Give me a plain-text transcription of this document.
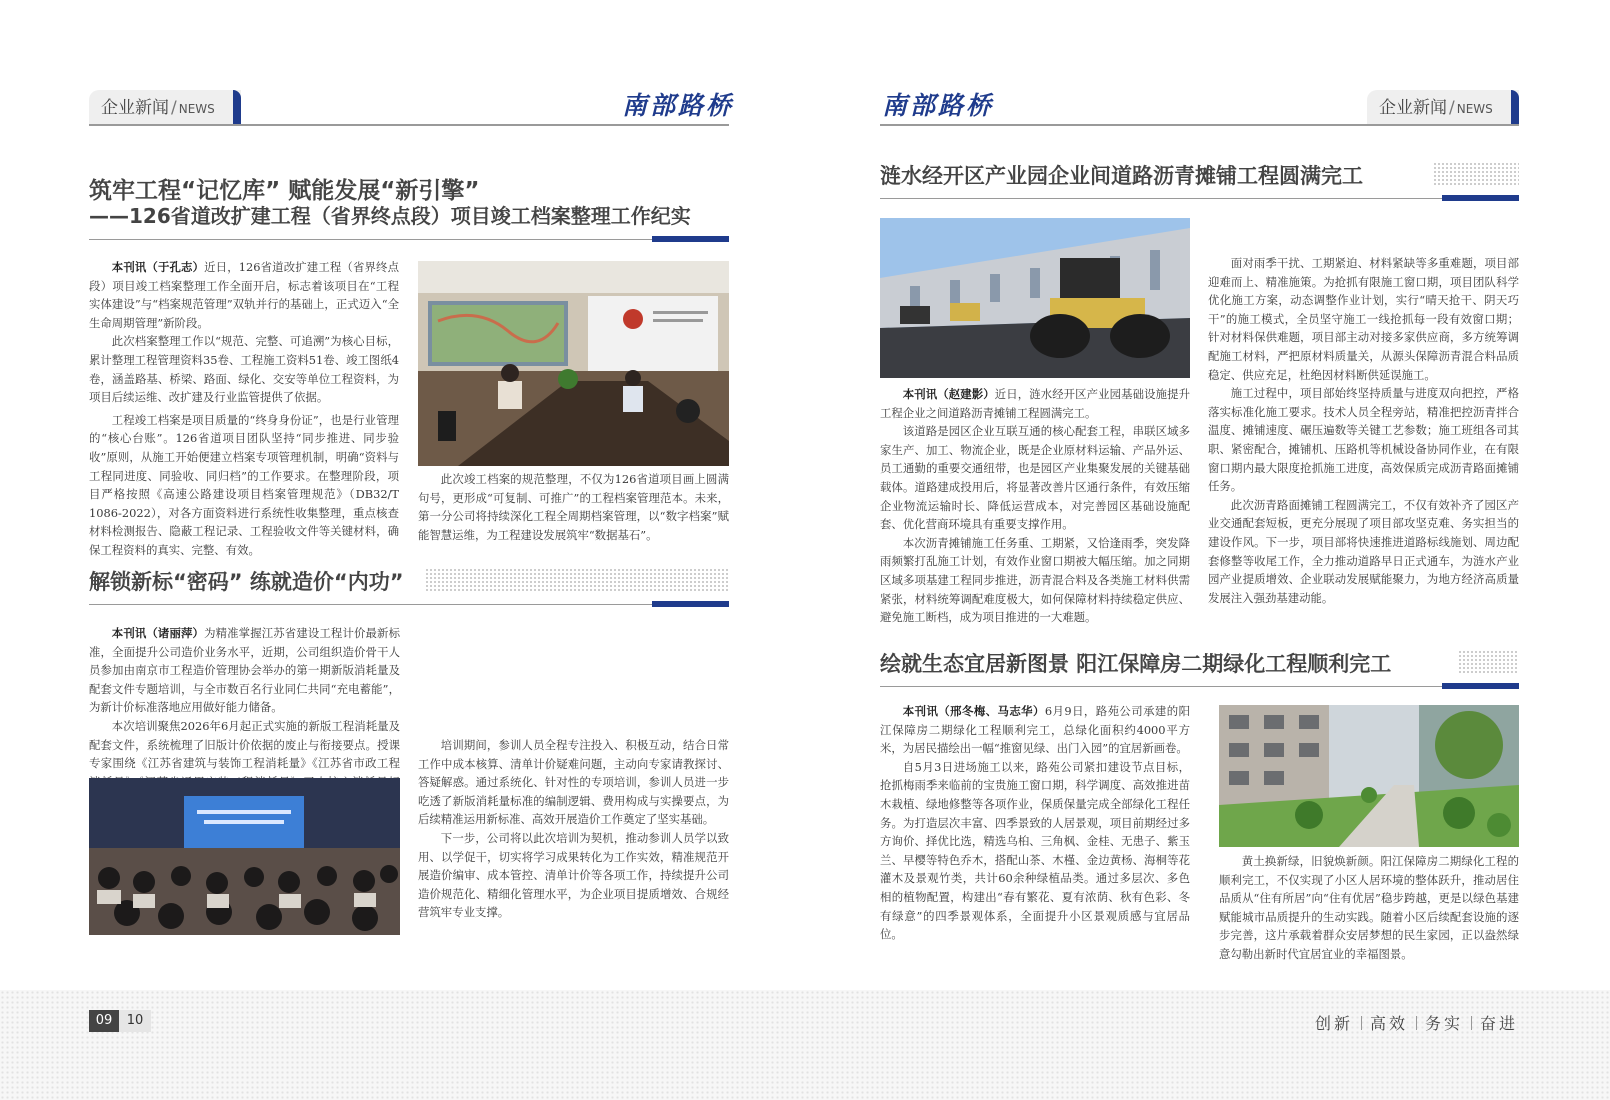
企业新闻 / NEWS	南部路桥
筑牢工程“记忆库” 赋能发展“新引擎”
——126省道改扩建工程（省界终点段）项目竣工档案整理工作纪实

本刊讯（于孔志）近日，126省道改扩建工程（省界终点段）项目竣工档案整理工作全面开启，标志着该项目在“工程实体建设”与“档案规范管理”双轨并行的基础上，正式迈入“全生命周期管理”新阶段。

此次档案整理工作以“规范、完整、可追溯”为核心目标，累计整理工程管理资料35卷、工程施工资料51卷、竣工图纸4卷，涵盖路基、桥梁、路面、绿化、交安等单位工程资料，为项目后续运维、改扩建及行业监管提供了依据。

工程竣工档案是项目质量的“终身身份证”，也是行业管理的“核心台账”。126省道项目团队坚持“同步推进、同步验收”原则，从施工开始便建立档案专项管理机制，明确“资料与工程同进度、同验收、同归档”的工作要求。在整理阶段，项目严格按照《高速公路建设项目档案管理规范》（DB32/T　1086-2022），对各方面资料进行系统性收集整理，重点核查材料检测报告、隐蔽工程记录、工程验收文件等关键材料，确保工程资料的真实、完整、有效。

此次竣工档案的规范整理，不仅为126省道项目画上圆满句号，更形成“可复制、可推广”的工程档案管理范本。未来，第一分公司将持续深化工程全周期档案管理，以“数字档案”赋能智慧运维，为工程建设发展筑牢“数据基石”。

解锁新标“密码” 练就造价“内功”

本刊讯（诸丽萍）为精准掌握江苏省建设工程计价最新标准，全面提升公司造价业务水平，近期，公司组织造价骨干人员参加由南京市工程造价管理协会举办的第一期新版消耗量及配套文件专题培训，与全市数百名行业同仁共同“充电蓄能”，为新计价标准落地应用做好能力储备。

本次培训聚焦2026年6月起正式实施的新版工程消耗量及配套文件，系统梳理了旧版计价依据的废止与衔接要点。授课专家围绕《江苏省建筑与装饰工程消耗量》《江苏省市政工程

培训期间，参训人员全程专注投入、积极互动，结合日常工作中成本核算、清单计价疑难问题，主动向专家请教探讨、答疑解惑。通过系统化、针对性的专项培训，参训人员进一步吃透了新版消耗量标准的编制逻辑、费用构成与实操要点，为后续精准运用新标准、高效开展造价工作奠定了坚实基础。

下一步，公司将以此次培训为契机，推动参训人员学以致用、以学促干，切实将学习成果转化为工作实效，精准规范开展造价编审、成本管控、清单计价等各项工作，持续提升公司造价规范化、精细化管理水平，为企业项目提质增效、合规经营筑牢专业支撑。

南部路桥	企业新闻 / NEWS
涟水经开区产业园企业间道路沥青摊铺工程圆满完工

本刊讯（赵建影）近日，涟水经开区产业园基础设施提升工程企业之间道路沥青摊铺工程圆满完工。

该道路是园区企业互联互通的核心配套工程，串联区域多家生产、加工、物流企业，既是企业原材料运输、产品外运、员工通勤的重要交通纽带，也是园区产业集聚发展的关键基础载体。道路建成投用后，将显著改善片区通行条件，有效压缩企业物流运输时长、降低运营成本，对完善园区基础设施配套、优化营商环境具有重要支撑作用。

本次沥青摊铺施工任务重、工期紧，又恰逢雨季，突发降雨频繁打乱施工计划，有效作业窗口期被大幅压缩。加之同期区域多项基建工程同步推进，沥青混合料及各类施工材料供需紧张，材料统筹调配难度极大，如何保障材料持续稳定供应、避免施工断档，成为项目推进的一大难题。

面对雨季干扰、工期紧迫、材料紧缺等多重难题，项目部迎难而上、精准施策。为抢抓有限施工窗口期，项目团队科学优化施工方案，动态调整作业计划，实行“晴天抢干、阴天巧干”的施工模式，全员坚守施工一线抢抓每一段有效窗口期；针对材料保供难题，项目部主动对接多家供应商，多方统筹调配施工材料，严把原材料质量关，从源头保障沥青混合料品质稳定、供应充足，杜绝因材料断供延误施工。

施工过程中，项目部始终坚持质量与进度双向把控，严格落实标准化施工要求。技术人员全程旁站，精准把控沥青拌合温度、摊铺速度、碾压遍数等关键工艺参数；施工班组各司其职、紧密配合，摊铺机、压路机等机械设备协同作业，在有限窗口期内最大限度抢抓施工进度，高效保质完成沥青路面摊铺任务。

此次沥青路面摊铺工程圆满完工，不仅有效补齐了园区产业交通配套短板，更充分展现了项目部攻坚克难、务实担当的建设作风。下一步，项目部将快速推进道路标线施划、周边配套修整等收尾工作，全力推动道路早日正式通车，为涟水产业园产业提质增效、企业联动发展赋能聚力，为地方经济高质量发展注入强劲基建动能。

绘就生态宜居新图景 阳江保障房二期绿化工程顺利完工

本刊讯（邢冬梅、马志华）6月9日，路苑公司承建的阳江保障房二期绿化工程顺利完工，总绿化面积约4000平方米，为居民描绘出一幅“推窗见绿、出门入园”的宜居新画卷。

自5月3日进场施工以来，路苑公司紧扣建设节点目标，抢抓梅雨季来临前的宝贵施工窗口期，科学调度、高效推进苗木栽植、绿地修整等各项作业，保质保量完成全部绿化工程任务。为打造层次丰富、四季景致的人居景观，项目前期经过多方询价、择优比选，精选乌桕、三角枫、金桂、无患子、紫玉兰、早樱等特色乔木，搭配山茶、木槿、金边黄杨、海桐等花灌木及景观竹类，共计60余种绿植品类。通过多层次、多色相的植物配置，构建出“春有繁花、夏有浓荫、秋有色彩、冬有绿意”的四季景观体系，全面提升小区景观质感与宜居品位。

黄土换新绿，旧貌焕新颜。阳江保障房二期绿化工程的顺利完工，不仅实现了小区人居环境的整体跃升，推动居住品质从“住有所居”向“住有优居”稳步跨越，更是以绿色基建赋能城市品质提升的生动实践。随着小区后续配套设施的逐步完善，这片承载着群众安居梦想的民生家园，正以盎然绿意勾勒出新时代宜居宜业的幸福图景。

09	10	创新 高效 务实 奋进
